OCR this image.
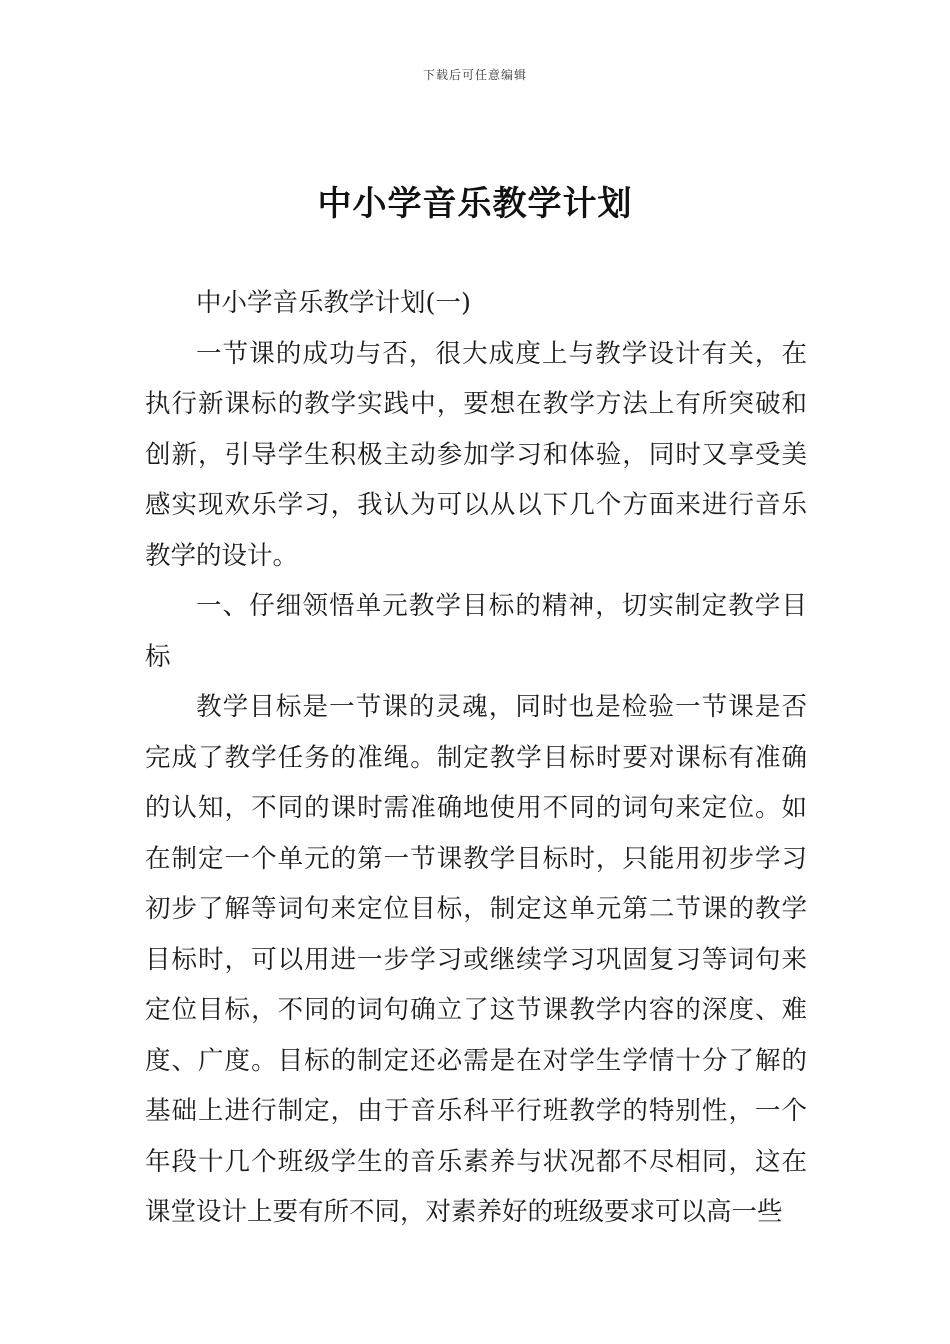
下载后可任意编辑
中小学音乐教学计划

中小学音乐教学计划(一)

一节课的成功与否，很大成度上与教学设计有关，在执行新课标的教学实践中，要想在教学方法上有所突破和创新，引导学生积极主动参加学习和体验，同时又享受美感实现欢乐学习，我认为可以从以下几个方面来进行音乐教学的设计。

一、仔细领悟单元教学目标的精神，切实制定教学目标

教学目标是一节课的灵魂，同时也是检验一节课是否完成了教学任务的准绳。制定教学目标时要对课标有准确的认知，不同的课时需准确地使用不同的词句来定位。如在制定一个单元的第一节课教学目标时，只能用初步学习初步了解等词句来定位目标，制定这单元第二节课的教学目标时，可以用进一步学习或继续学习巩固复习等词句来定位目标，不同的词句确立了这节课教学内容的深度、难度、广度。目标的制定还必需是在对学生学情十分了解的基础上进行制定，由于音乐科平行班教学的特别性，一个年段十几个班级学生的音乐素养与状况都不尽相同，这在课堂设计上要有所不同，对素养好的班级要求可以高一些
